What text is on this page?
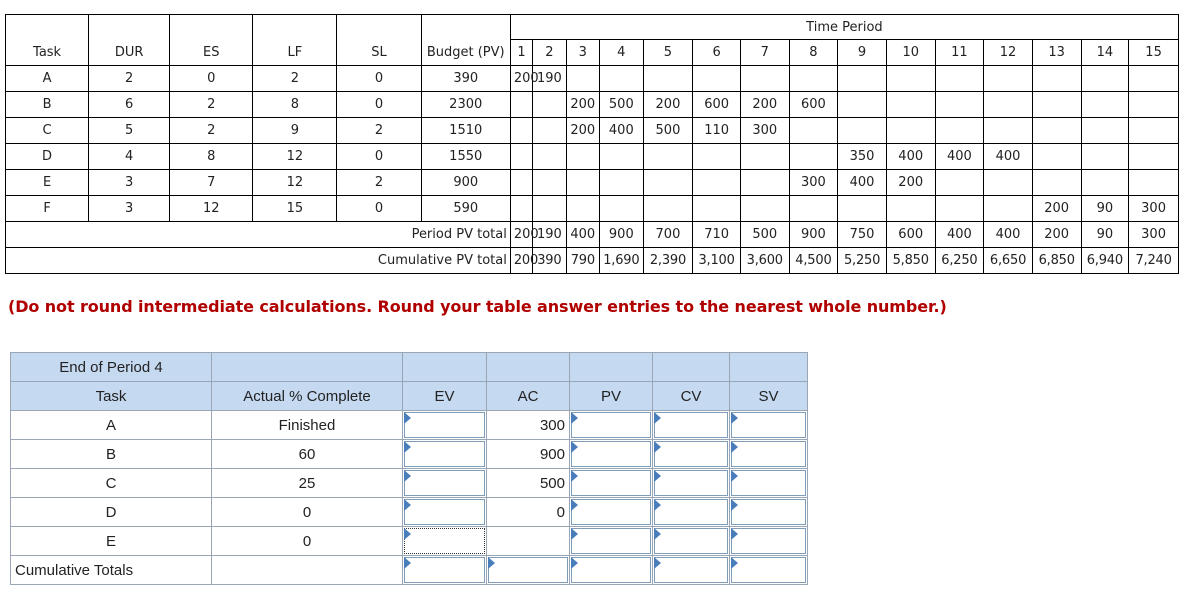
						Time Period														
Task	DUR	ES	LF	SL	Budget (PV)	1	2	3	4	5	6	7	8	9	10	11	12	13	14	15
A	2	0	2	0	390	200	190													
B	6	2	8	0	2300			200	500	200	600	200	600							
C	5	2	9	2	1510			200	400	500	110	300								
D	4	8	12	0	1550									350	400	400	400			
E	3	7	12	2	900								300	400	200					
F	3	12	15	0	590													200	90	300
				Period PV total		200	190	400	900	700	710	500	900	750	600	400	400	200	90	300
				Cumulative PV total		200	390	790	1,690	2,390	3,100	3,600	4,500	5,250	5,850	6,250	6,650	6,850	6,940	7,240
(Do not round intermediate calculations. Round your table answer entries to the nearest whole number.)
End of Period 4						
Task	Actual % Complete	EV	AC	PV	CV	SV
A	Finished		300	

B	60		900	

C	25		500	

D	0		0	

E	0	

Cumulative Totals		
